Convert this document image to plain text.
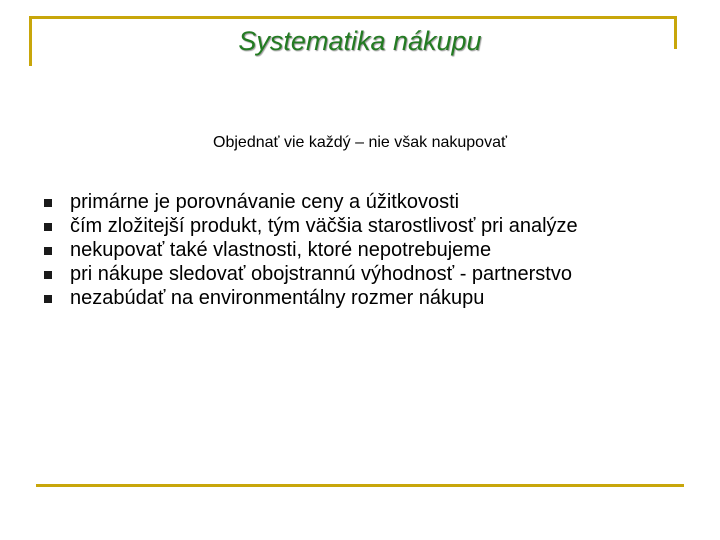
Systematika nákupu
Objednať vie každý – nie však nakupovať
primárne je porovnávanie ceny a úžitkovosti
čím zložitejší produkt, tým väčšia starostlivosť pri analýze
nekupovať také vlastnosti, ktoré nepotrebujeme
pri nákupe sledovať obojstrannú výhodnosť - partnerstvo
nezabúdať na environmentálny rozmer nákupu
